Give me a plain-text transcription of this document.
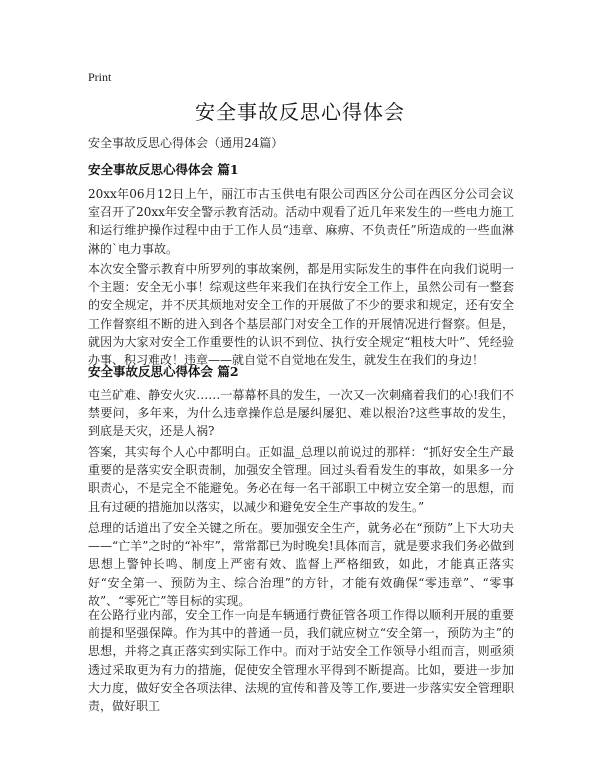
Print
安全事故反思心得体会
安全事故反思心得体会（通用24篇）
安全事故反思心得体会 篇1
20xx年06月12日上午，丽江市古玉供电有限公司西区分公司在西区分公司会议室召开了20xx年安全警示教育活动。活动中观看了近几年来发生的一些电力施工和运行维护操作过程中由于工作人员“违章、麻痹、不负责任”所造成的一些血淋淋的`电力事故。
本次安全警示教育中所罗列的事故案例，都是用实际发生的事件在向我们说明一个主题：安全无小事！综观这些年来我们在执行安全工作上，虽然公司有一整套的安全规定，并不厌其烦地对安全工作的开展做了不少的要求和规定，还有安全工作督察组不断的进入到各个基层部门对安全工作的开展情况进行督察。但是，就因为大家对安全工作重要性的认识不到位、执行安全规定“粗枝大叶”、凭经验办事、积习难改！违章——就自觉不自觉地在发生，就发生在我们的身边！
安全事故反思心得体会 篇2
屯兰矿难、静安火灾……一幕幕杯具的发生，一次又一次刺痛着我们的心!我们不禁要问，多年来，为什么违章操作总是屡纠屡犯、难以根治?这些事故的发生，到底是天灾，还是人祸?
答案，其实每个人心中都明白。正如温_总理以前说过的那样：“抓好安全生产最重要的是落实安全职责制，加强安全管理。回过头看看发生的事故，如果多一分职责心，不是完全不能避免。务必在每一名干部职工中树立安全第一的思想，而且有过硬的措施加以落实，以减少和避免安全生产事故的发生。”
总理的话道出了安全关键之所在。要加强安全生产，就务必在“预防”上下大功夫——“亡羊”之时的“补牢”，常常都已为时晚矣!具体而言，就是要求我们务必做到思想上警钟长鸣、制度上严密有效、监督上严格细致，如此，才能真正落实好“安全第一、预防为主、综合治理”的方针，才能有效确保“零违章”、“零事故”、“零死亡”等目标的实现。
在公路行业内部，安全工作一向是车辆通行费征管各项工作得以顺利开展的重要前提和坚强保障。作为其中的普通一员，我们就应树立“安全第一，预防为主”的思想，并将之真正落实到实际工作中。而对于站安全工作领导小组而言，则亟须透过采取更为有力的措施，促使安全管理水平得到不断提高。比如，要进一步加大力度，做好安全各项法律、法规的宣传和普及等工作,要进一步落实安全管理职责，做好职工
